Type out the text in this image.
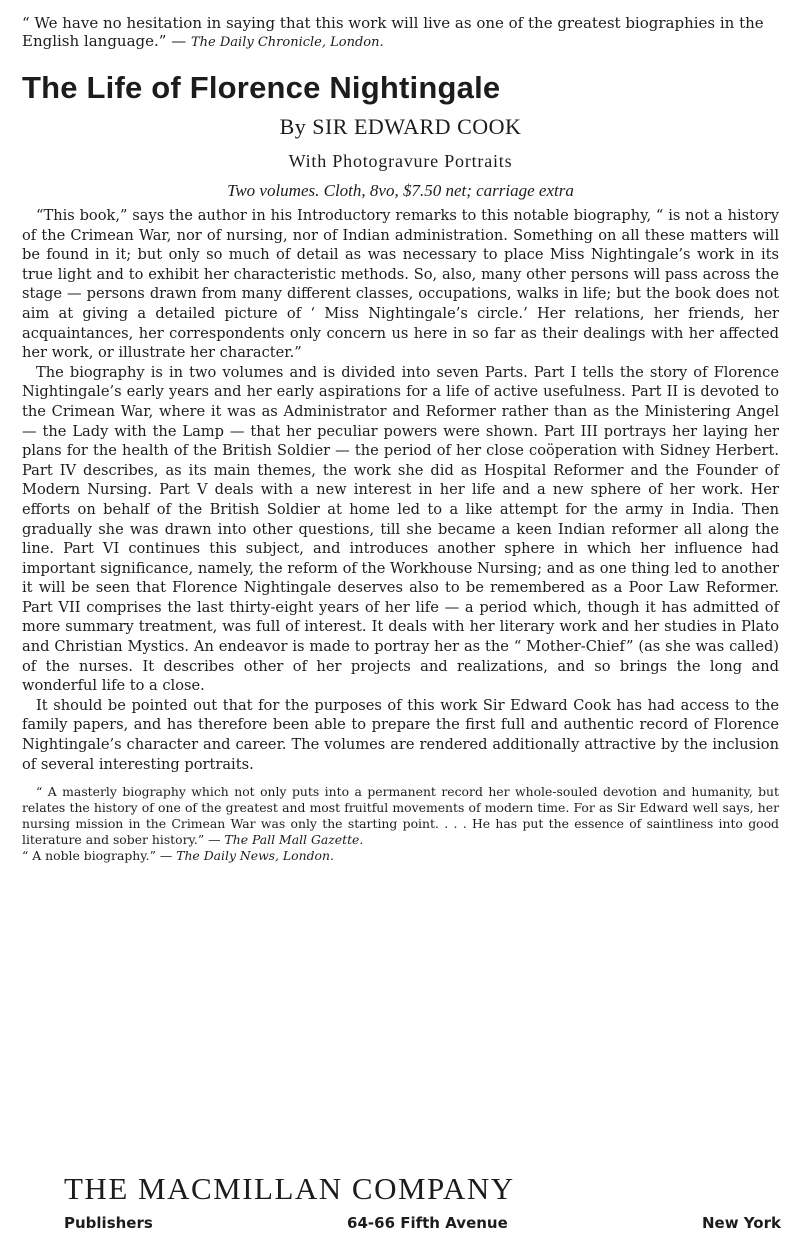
“ We have no hesitation in saying that this work will live as one of the greatest biographies in the English language.” — The Daily Chronicle, London.

The Life of Florence Nightingale
By SIR EDWARD COOK
With Photogravure Portraits
Two volumes. Cloth, 8vo, $7.50 net; carriage extra

“This book,” says the author in his Introductory remarks to this notable biography, “ is not a history of the Crimean War, nor of nursing, nor of Indian administration. Something on all these matters will be found in it; but only so much of detail as was necessary to place Miss Nightingale’s work in its true light and to exhibit her characteristic methods. So, also, many other persons will pass across the stage — persons drawn from many different classes, occupations, walks in life; but the book does not aim at giving a detailed picture of ‘ Miss Nightingale’s circle.’ Her relations, her friends, her acquaintances, her correspondents only concern us here in so far as their dealings with her affected her work, or illustrate her character.”

The biography is in two volumes and is divided into seven Parts. Part I tells the story of Florence Nightingale’s early years and her early aspirations for a life of active usefulness. Part II is devoted to the Crimean War, where it was as Administrator and Reformer rather than as the Ministering Angel — the Lady with the Lamp — that her peculiar powers were shown. Part III portrays her laying her plans for the health of the British Soldier — the period of her close coöperation with Sidney Herbert. Part IV describes, as its main themes, the work she did as Hospital Reformer and the Founder of Modern Nursing. Part V deals with a new interest in her life and a new sphere of her work. Her efforts on behalf of the British Soldier at home led to a like attempt for the army in India. Then gradually she was drawn into other questions, till she became a keen Indian reformer all along the line. Part VI continues this subject, and introduces another sphere in which her influence had important significance, namely, the reform of the Workhouse Nursing; and as one thing led to another it will be seen that Florence Nightingale deserves also to be remembered as a Poor Law Reformer. Part VII comprises the last thirty-eight years of her life — a period which, though it has admitted of more summary treatment, was full of interest. It deals with her literary work and her studies in Plato and Christian Mystics. An endeavor is made to portray her as the “ Mother-Chief” (as she was called) of the nurses. It describes other of her projects and realizations, and so brings the long and wonderful life to a close.

It should be pointed out that for the purposes of this work Sir Edward Cook has had access to the family papers, and has therefore been able to prepare the first full and authentic record of Florence Nightingale’s character and career. The volumes are rendered additionally attractive by the inclusion of several interesting portraits.

“ A masterly biography which not only puts into a permanent record her whole-souled devotion and humanity, but relates the history of one of the greatest and most fruitful movements of modern time. For as Sir Edward well says, her nursing mission in the Crimean War was only the starting point. . . . He has put the essence of saintliness into good literature and sober history.” — The Pall Mall Gazette.
“ A noble biography.” — The Daily News, London.

THE MACMILLAN COMPANY
Publishers	64-66 Fifth Avenue	New York
